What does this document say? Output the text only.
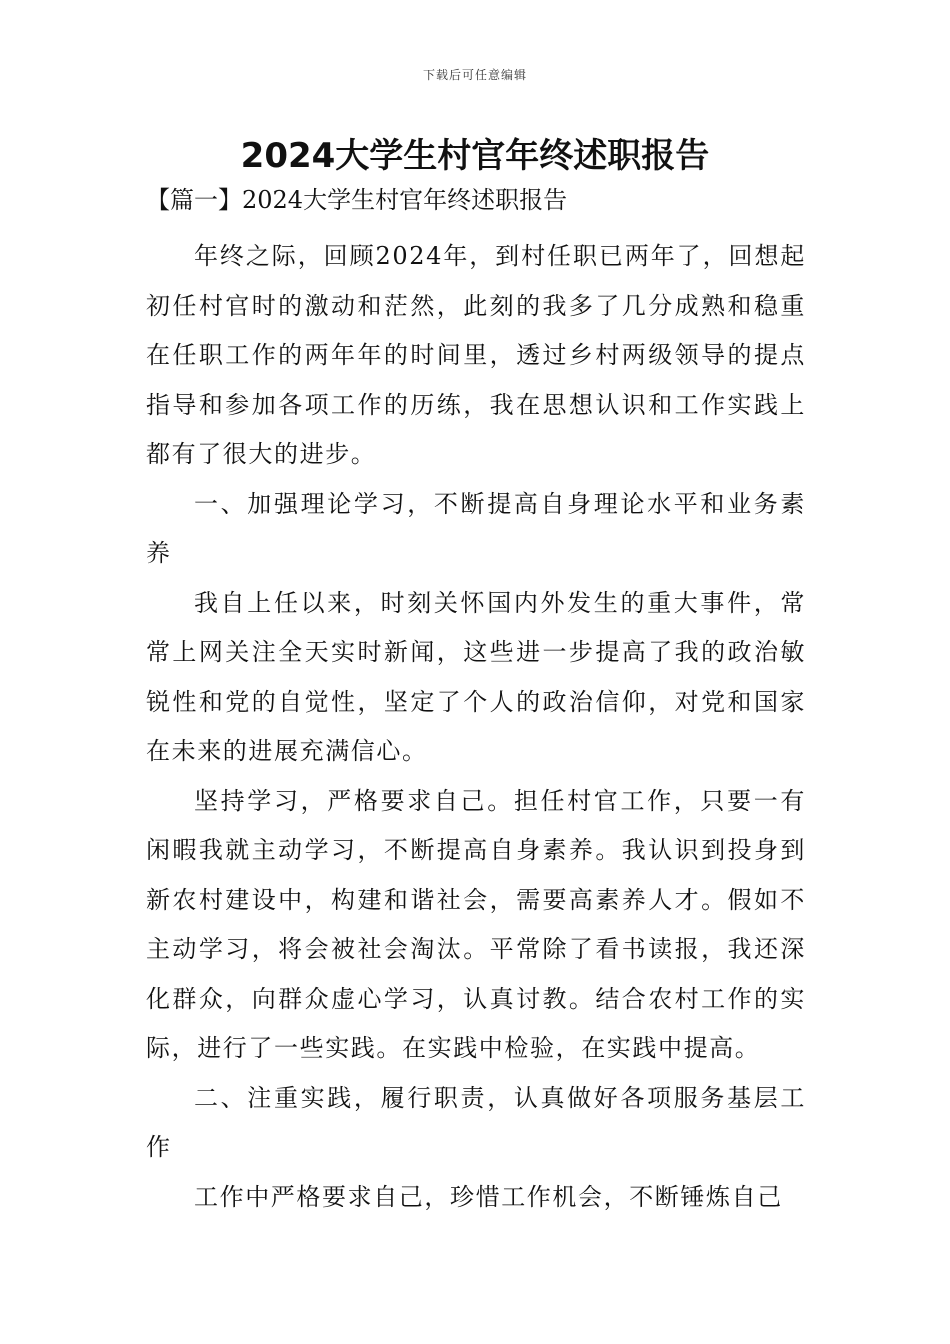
下载后可任意编辑
2024大学生村官年终述职报告

【篇一】2024大学生村官年终述职报告

年终之际，回顾2024年，到村任职已两年了，回想起初任村官时的激动和茫然，此刻的我多了几分成熟和稳重在任职工作的两年年的时间里，透过乡村两级领导的提点指导和参加各项工作的历练，我在思想认识和工作实践上都有了很大的进步。

一、加强理论学习，不断提高自身理论水平和业务素养

我自上任以来，时刻关怀国内外发生的重大事件，常常上网关注全天实时新闻，这些进一步提高了我的政治敏锐性和党的自觉性，坚定了个人的政治信仰，对党和国家在未来的进展充满信心。

坚持学习，严格要求自己。担任村官工作，只要一有闲暇我就主动学习，不断提高自身素养。我认识到投身到新农村建设中，构建和谐社会，需要高素养人才。假如不主动学习，将会被社会淘汰。平常除了看书读报，我还深化群众，向群众虚心学习，认真讨教。结合农村工作的实际，进行了一些实践。在实践中检验，在实践中提高。

二、注重实践，履行职责，认真做好各项服务基层工作

工作中严格要求自己，珍惜工作机会，不断锤炼自己
